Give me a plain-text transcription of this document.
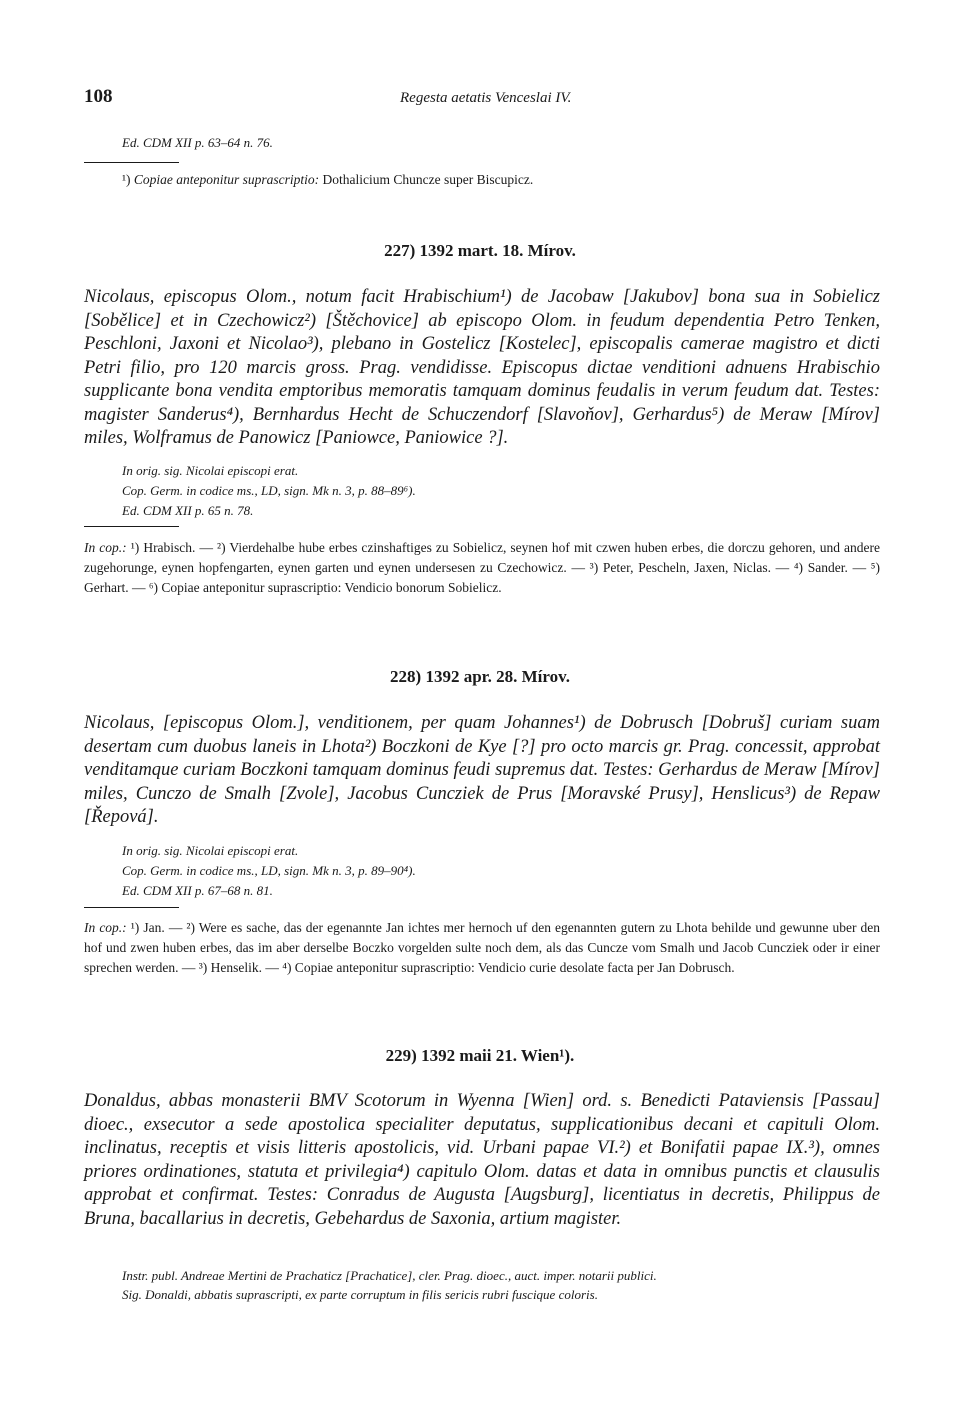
108	Regesta aetatis Venceslai IV.
Ed. CDM XII p. 63–64 n. 76.
¹) Copiae anteponitur suprascriptio: Dothalicium Chuncze super Biscupicz.
227) 1392 mart. 18. Mírov.
Nicolaus, episcopus Olom., notum facit Hrabischium¹) de Jacobaw [Jakubov] bona sua in Sobielicz [Sobělice] et in Czechowicz²) [Štěchovice] ab episcopo Olom. in feudum dependentia Petro Tenken, Peschloni, Jaxoni et Nicolao³), plebano in Gostelicz [Kostelec], episcopalis camerae magistro et dicti Petri filio, pro 120 marcis gross. Prag. vendidisse. Episcopus dictae venditioni adnuens Hrabischio supplicante bona vendita emptoribus memoratis tamquam dominus feudalis in verum feudum dat. Testes: magister Sanderus⁴), Bernhardus Hecht de Schuczendorf [Slavoňov], Gerhardus⁵) de Meraw [Mírov] miles, Wolframus de Panowicz [Paniowce, Paniowice ?].
In orig. sig. Nicolai episcopi erat.
Cop. Germ. in codice ms., LD, sign. Mk n. 3, p. 88–89⁶).
Ed. CDM XII p. 65 n. 78.
In cop.: ¹) Hrabisch. — ²) Vierdehalbe hube erbes czinshaftiges zu Sobielicz, seynen hof mit czwen huben erbes, die dorczu gehoren, und andere zugehorunge, eynen hopfengarten, eynen garten und eynen undersesen zu Czechowicz. — ³) Peter, Pescheln, Jaxen, Niclas. — ⁴) Sander. — ⁵) Gerhart. — ⁶) Copiae anteponitur suprascriptio: Vendicio bonorum Sobielicz.
228) 1392 apr. 28. Mírov.
Nicolaus, [episcopus Olom.], venditionem, per quam Johannes¹) de Dobrusch [Dobruš] curiam suam desertam cum duobus laneis in Lhota²) Boczkoni de Kye [?] pro octo marcis gr. Prag. concessit, approbat venditamque curiam Boczkoni tamquam dominus feudi supremus dat. Testes: Gerhardus de Meraw [Mírov] miles, Cunczo de Smalh [Zvole], Jacobus Cuncziek de Prus [Moravské Prusy], Henslicus³) de Repaw [Řepová].
In orig. sig. Nicolai episcopi erat.
Cop. Germ. in codice ms., LD, sign. Mk n. 3, p. 89–90⁴).
Ed. CDM XII p. 67–68 n. 81.
In cop.: ¹) Jan. — ²) Were es sache, das der egenannte Jan ichtes mer hernoch uf den egenannten gutern zu Lhota behilde und gewunne uber den hof und zwen huben erbes, das im aber derselbe Boczko vorgelden sulte noch dem, als das Cuncze vom Smalh und Jacob Cuncziek oder ir einer sprechen werden. — ³) Henselik. — ⁴) Copiae anteponitur suprascriptio: Vendicio curie desolate facta per Jan Dobrusch.
229) 1392 maii 21. Wien¹).
Donaldus, abbas monasterii BMV Scotorum in Wyenna [Wien] ord. s. Benedicti Pataviensis [Passau] dioec., exsecutor a sede apostolica specialiter deputatus, supplicationibus decani et capituli Olom. inclinatus, receptis et visis litteris apostolicis, vid. Urbani papae VI.²) et Bonifatii papae IX.³), omnes priores ordinationes, statuta et privilegia⁴) capitulo Olom. datas et data in omnibus punctis et clausulis approbat et confirmat. Testes: Conradus de Augusta [Augsburg], licentiatus in decretis, Philippus de Bruna, bacallarius in decretis, Gebehardus de Saxonia, artium magister.
Instr. publ. Andreae Mertini de Prachaticz [Prachatice], cler. Prag. dioec., auct. imper. notarii publici.
Sig. Donaldi, abbatis suprascripti, ex parte corruptum in filis sericis rubri fuscique coloris.
